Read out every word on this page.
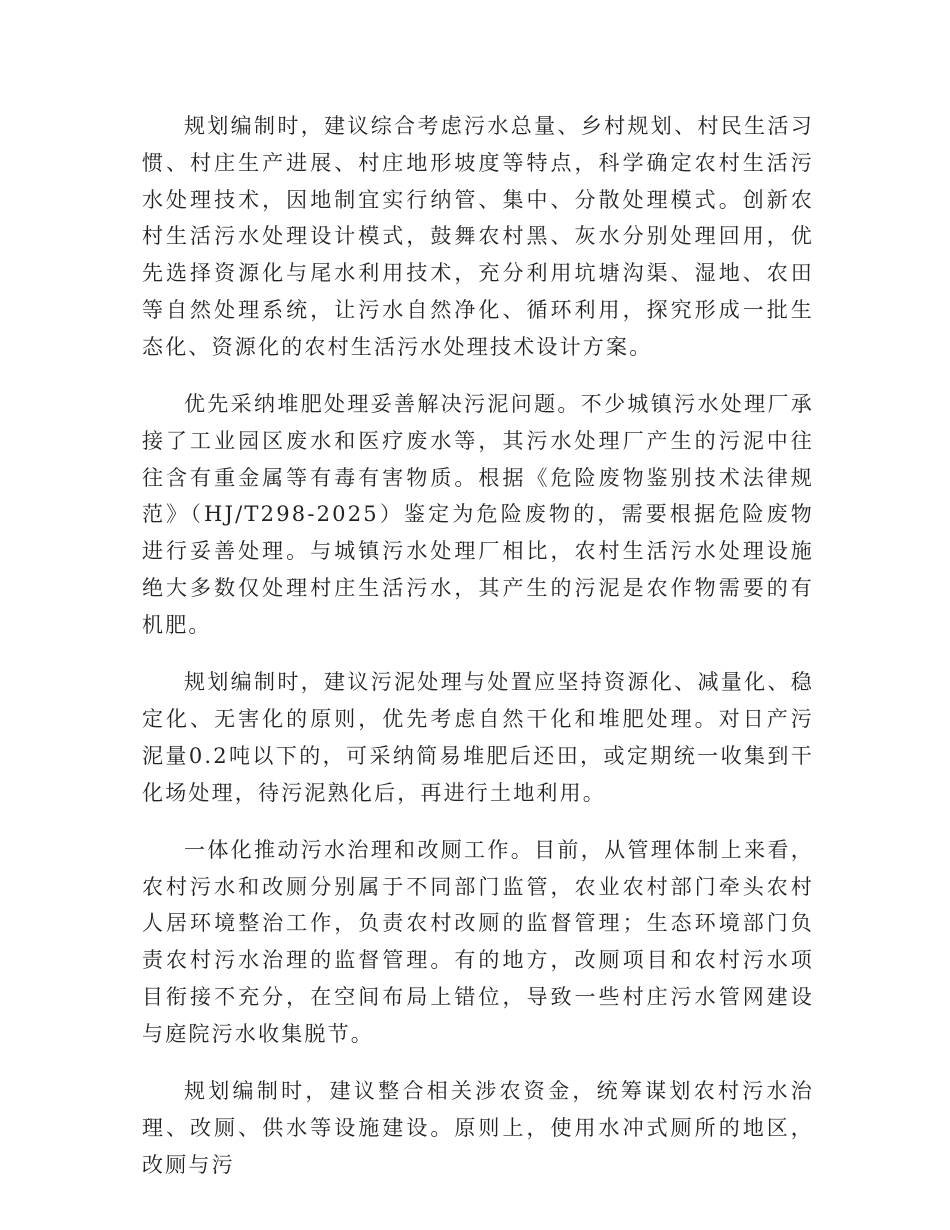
规划编制时，建议综合考虑污水总量、乡村规划、村民生活习惯、村庄生产进展、村庄地形坡度等特点，科学确定农村生活污水处理技术，因地制宜实行纳管、集中、分散处理模式。创新农村生活污水处理设计模式，鼓舞农村黑、灰水分别处理回用，优先选择资源化与尾水利用技术，充分利用坑塘沟渠、湿地、农田等自然处理系统，让污水自然净化、循环利用，探究形成一批生态化、资源化的农村生活污水处理技术设计方案。

优先采纳堆肥处理妥善解决污泥问题。不少城镇污水处理厂承接了工业园区废水和医疗废水等，其污水处理厂产生的污泥中往往含有重金属等有毒有害物质。根据《危险废物鉴别技术法律规范》（HJ/T298-2025）鉴定为危险废物的，需要根据危险废物进行妥善处理。与城镇污水处理厂相比，农村生活污水处理设施绝大多数仅处理村庄生活污水，其产生的污泥是农作物需要的有机肥。

规划编制时，建议污泥处理与处置应坚持资源化、减量化、稳定化、无害化的原则，优先考虑自然干化和堆肥处理。对日产污泥量0.2吨以下的，可采纳简易堆肥后还田，或定期统一收集到干化场处理，待污泥熟化后，再进行土地利用。

一体化推动污水治理和改厕工作。目前，从管理体制上来看，农村污水和改厕分别属于不同部门监管，农业农村部门牵头农村人居环境整治工作，负责农村改厕的监督管理；生态环境部门负责农村污水治理的监督管理。有的地方，改厕项目和农村污水项目衔接不充分，在空间布局上错位，导致一些村庄污水管网建设与庭院污水收集脱节。

规划编制时，建议整合相关涉农资金，统筹谋划农村污水治理、改厕、供水等设施建设。原则上，使用水冲式厕所的地区，改厕与污
